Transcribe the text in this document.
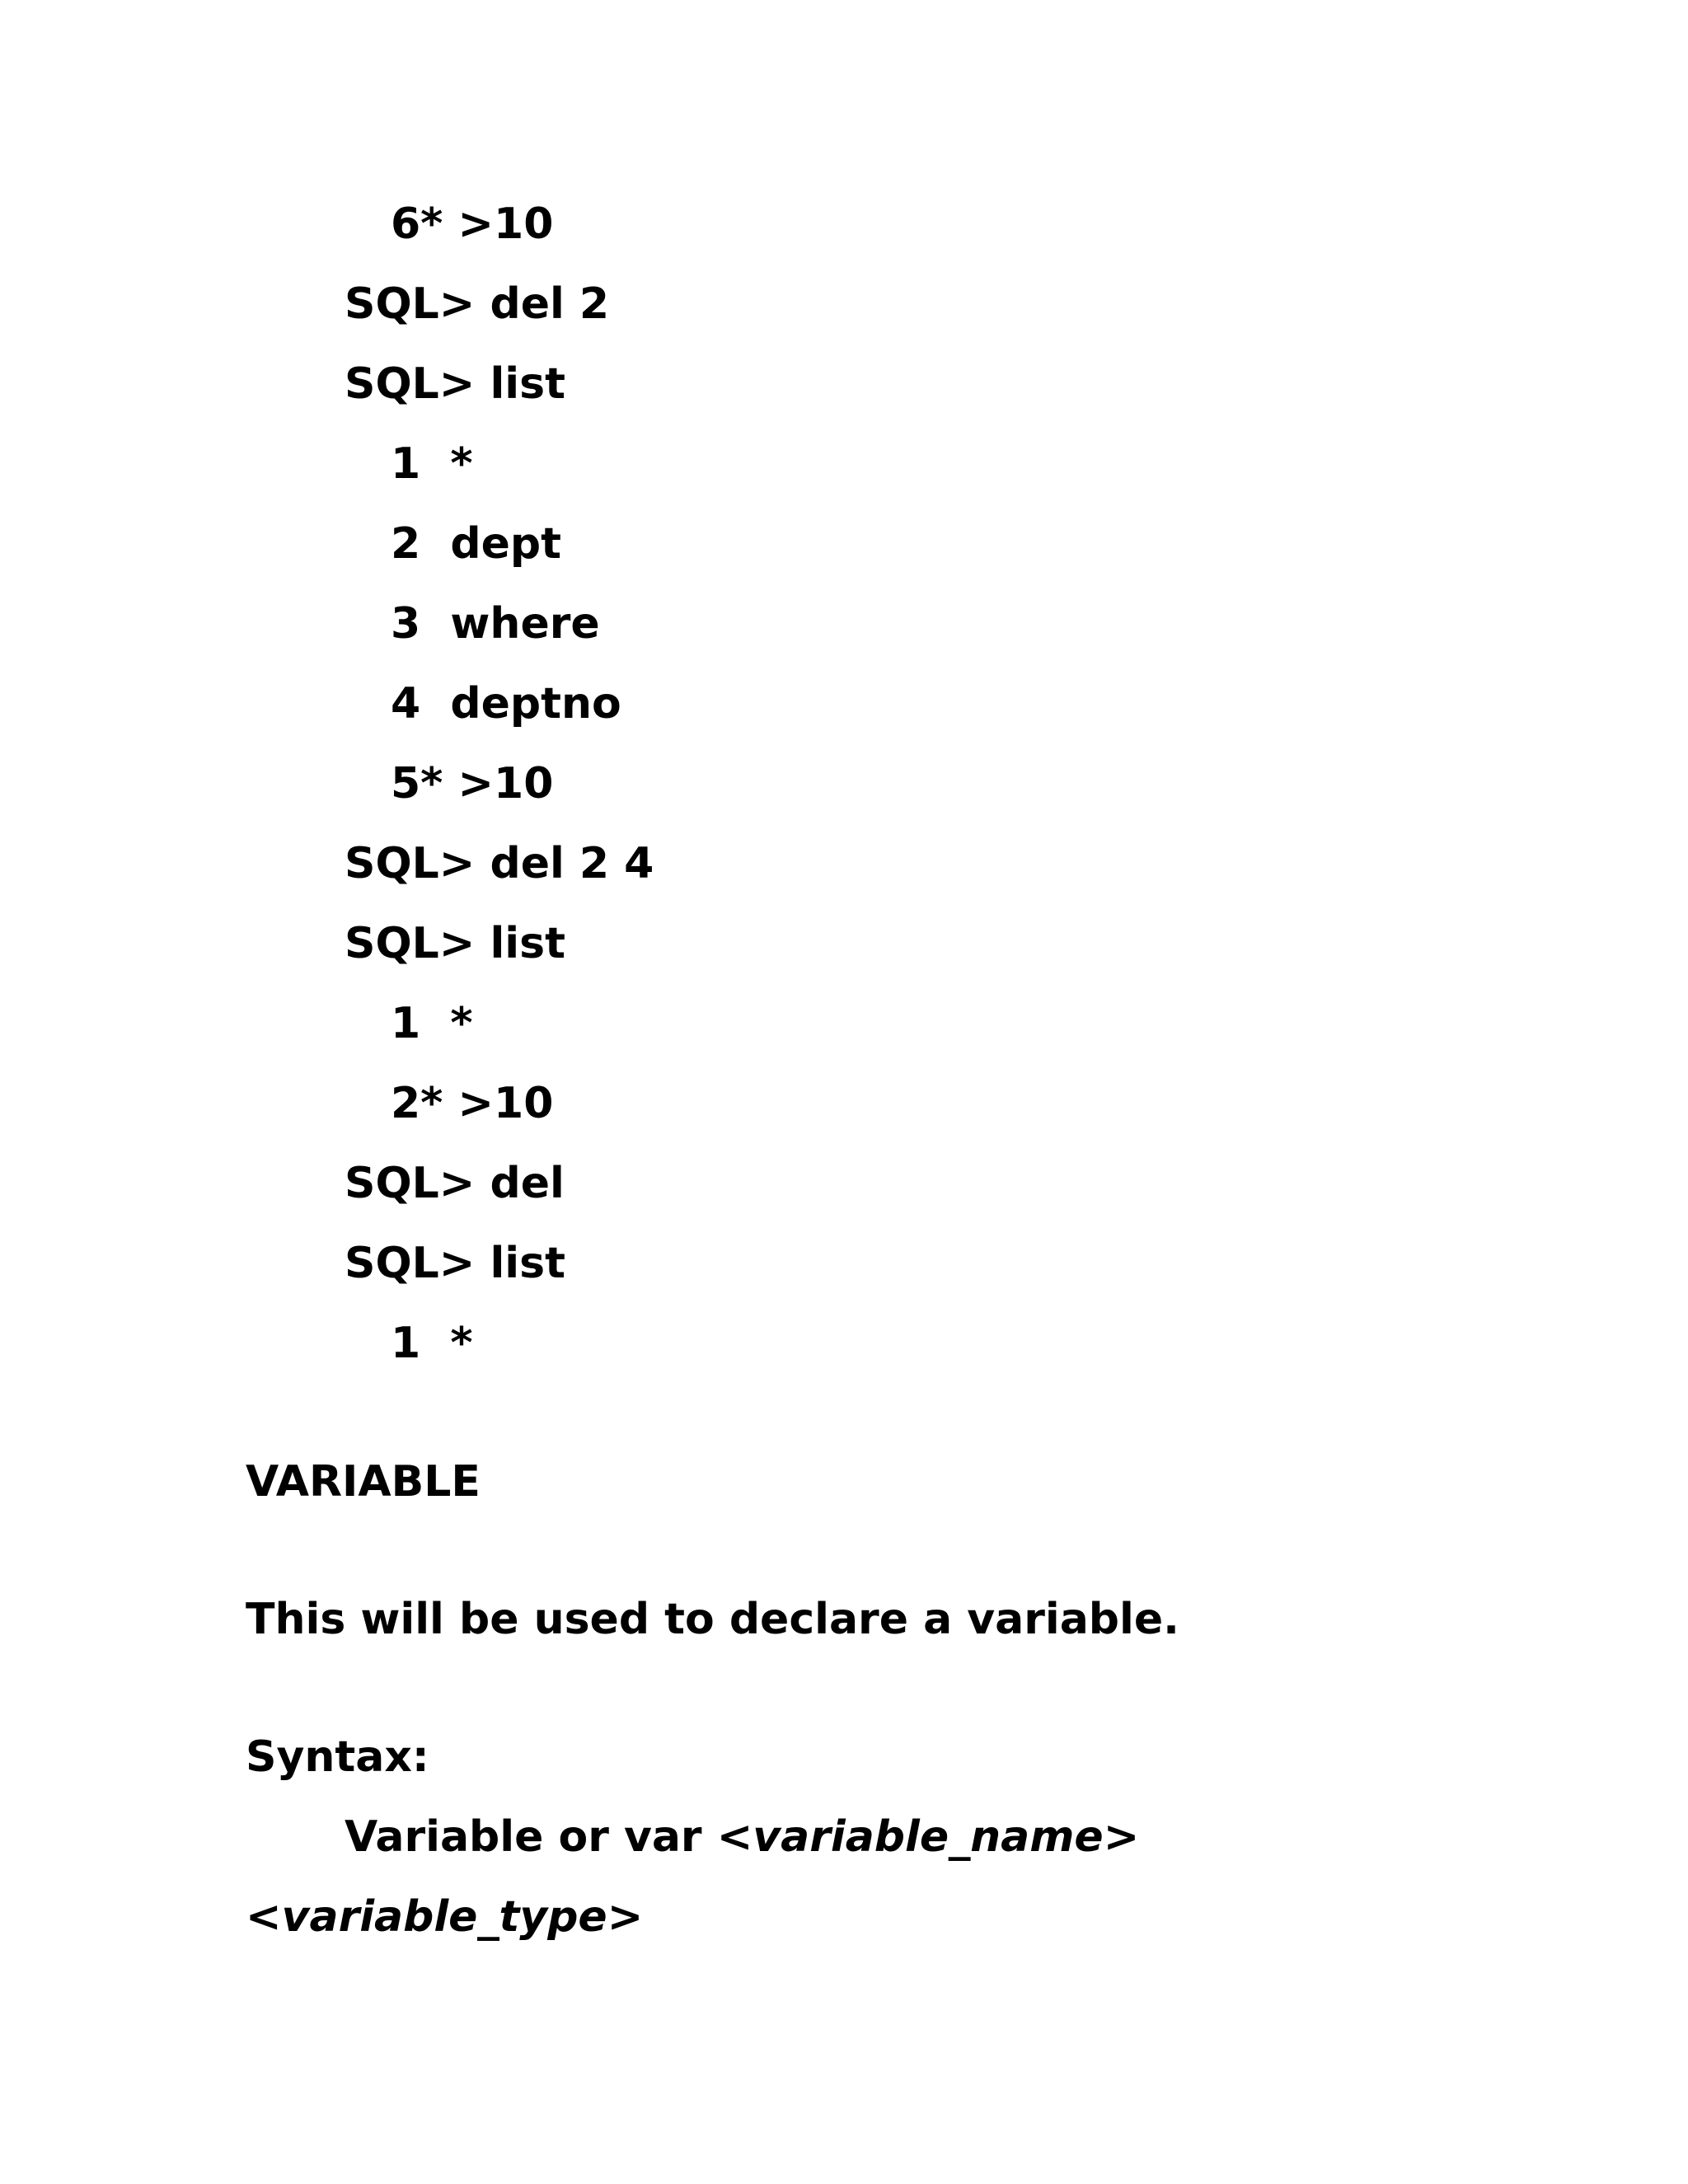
6* >10
SQL> del 2
SQL> list
1  *
2  dept
3  where
4  deptno
5* >10
SQL> del 2 4
SQL> list
1  *
2* >10
SQL> del
SQL> list
1  *
VARIABLE
This will be used to declare a variable.
Syntax:
Variable or var <variable_name>
<variable_type>
